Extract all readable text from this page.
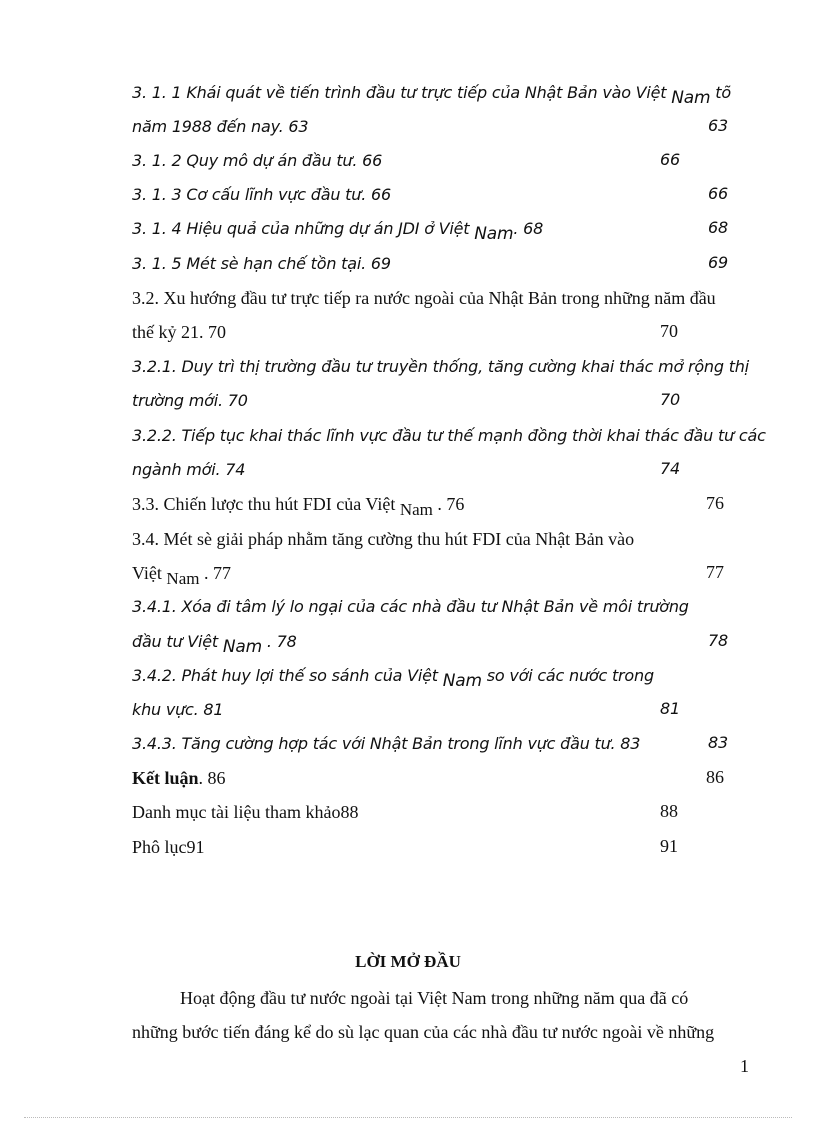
3. 1. 1 Khái quát về tiến trình đầu tư trực tiếp của Nhật Bản vào Việt Nam tõ
năm 1988 đến nay. 63	63
3. 1. 2 Quy mô dự án đầu tư. 66	66
3. 1. 3 Cơ cấu lĩnh vực đầu tư. 66	66
3. 1. 4 Hiệu quả của những dự án JDI ở Việt Nam. 68	68
3. 1. 5 Mét sè hạn chế tồn tại. 69	69
3.2. Xu hướng đầu tư trực tiếp ra nước ngoài của Nhật Bản trong những năm đầu
thế kỷ 21. 70	70
3.2.1. Duy trì thị trường đầu tư truyền thống, tăng cường khai thác mở rộng thị
trường mới. 70	70
3.2.2. Tiếp tục khai thác lĩnh vực đầu tư thế mạnh đồng thời khai thác đầu tư các
ngành mới. 74	74
3.3. Chiến lược thu hút FDI của Việt Nam . 76	76
3.4. Mét sè giải pháp nhằm tăng cường thu hút FDI của Nhật Bản vào
Việt Nam . 77	77
3.4.1. Xóa đi tâm lý lo ngại của các nhà đầu tư Nhật Bản về môi trường
đầu tư Việt Nam . 78	78
3.4.2. Phát huy lợi thế so sánh của Việt Nam so với các nước trong
khu vực. 81	81
3.4.3. Tăng cường hợp tác với Nhật Bản trong lĩnh vực đầu tư. 83	83
Kết luận. 86	86
Danh mục tài liệu tham khảo88	88
Phô lục91	91
LỜI MỞ ĐẦU
Hoạt động đầu tư nước ngoài tại Việt Nam trong những năm qua đã có
những bước tiến đáng kể do sù lạc quan của các nhà đầu tư nước ngoài về những
1
